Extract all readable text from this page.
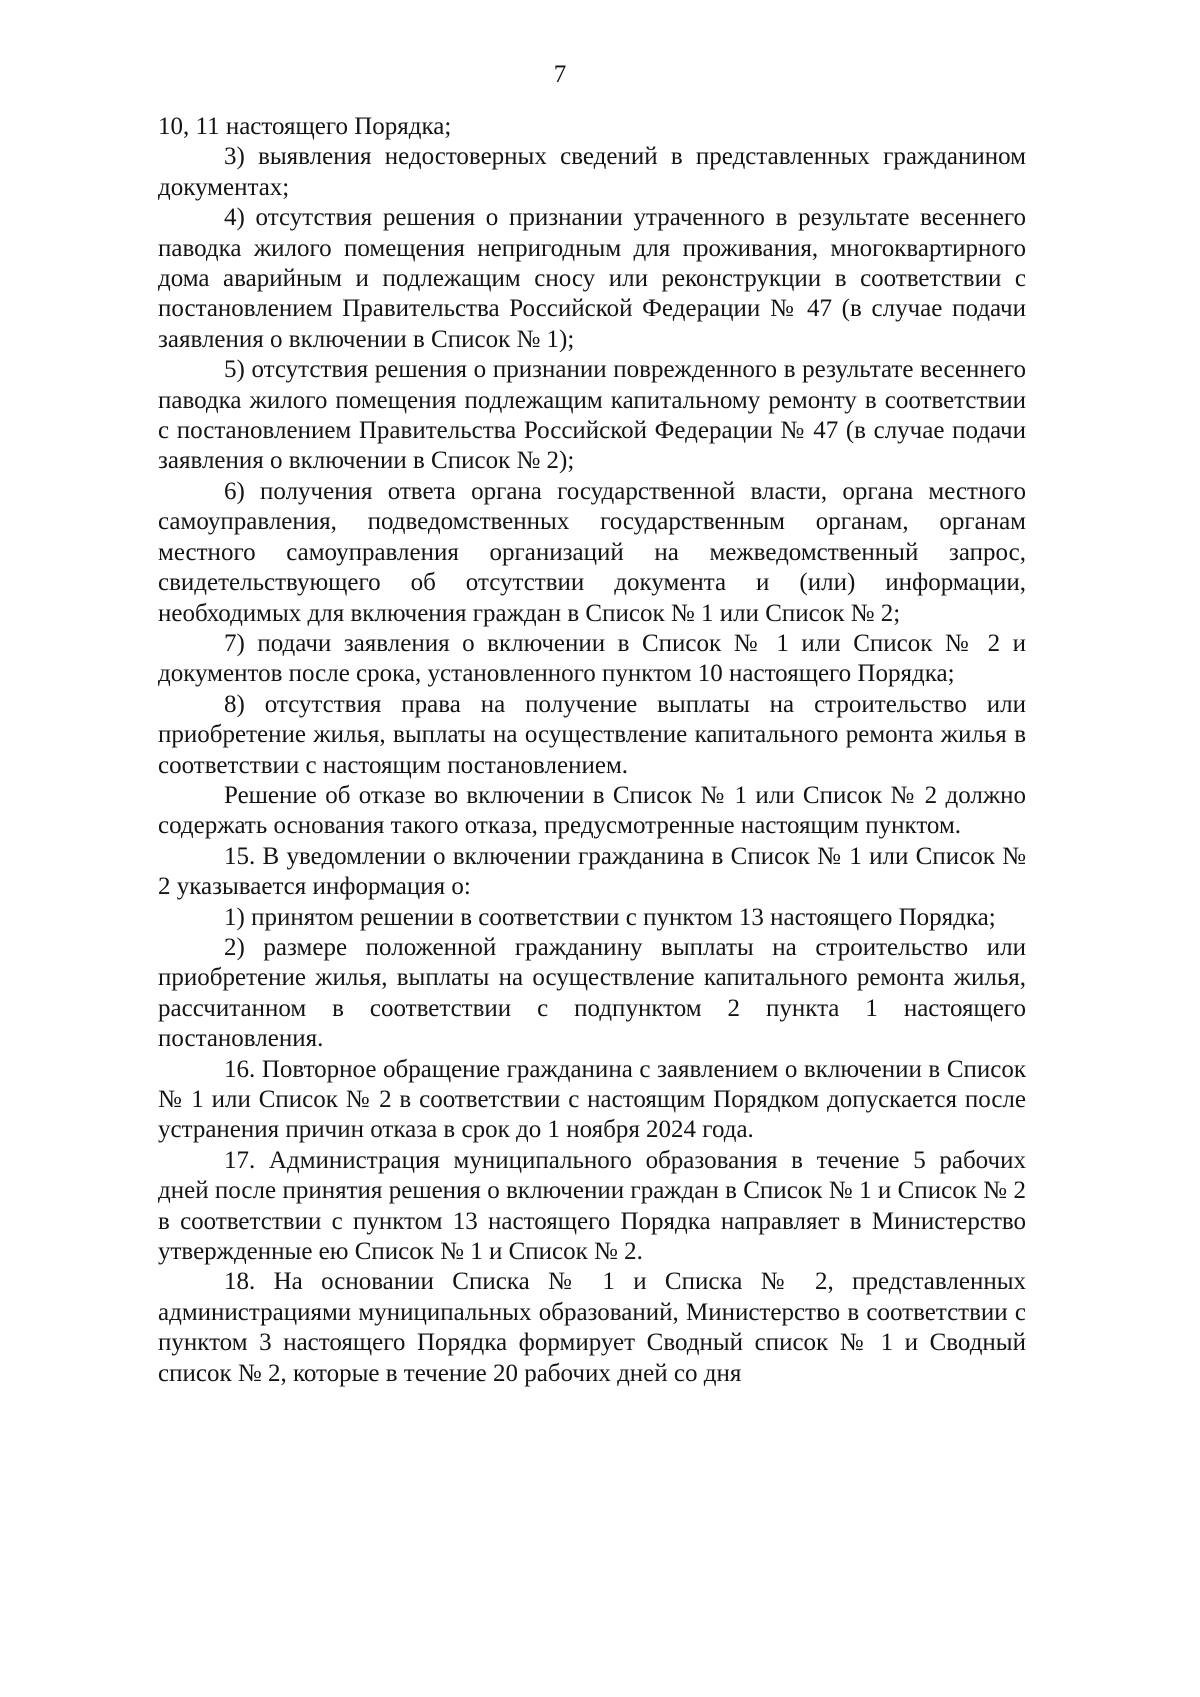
7

10, 11 настоящего Порядка;

3) выявления недостоверных сведений в представленных гражданином документах;

4) отсутствия решения о признании утраченного в результате весеннего паводка жилого помещения непригодным для проживания, многоквартирного дома аварийным и подлежащим сносу или реконструкции в соответствии с постановлением Правительства Российской Федерации № 47 (в случае подачи заявления о включении в Список № 1);

5) отсутствия решения о признании поврежденного в результате весеннего паводка жилого помещения подлежащим капитальному ремонту в соответствии с постановлением Правительства Российской Федерации № 47 (в случае подачи заявления о включении в Список № 2);

6) получения ответа органа государственной власти, органа местного самоуправления, подведомственных государственным органам, органам местного самоуправления организаций на межведомственный запрос, свидетельствующего об отсутствии документа и (или) информации, необходимых для включения граждан в Список № 1 или Список № 2;

7) подачи заявления о включении в Список № 1 или Список № 2 и документов после срока, установленного пунктом 10 настоящего Порядка;

8) отсутствия права на получение выплаты на строительство или приобретение жилья, выплаты на осуществление капитального ремонта жилья в соответствии с настоящим постановлением.

Решение об отказе во включении в Список № 1 или Список № 2 должно содержать основания такого отказа, предусмотренные настоящим пунктом.

15. В уведомлении о включении гражданина в Список № 1 или Список № 2 указывается информация о:

1) принятом решении в соответствии с пунктом 13 настоящего Порядка;

2) размере положенной гражданину выплаты на строительство или приобретение жилья, выплаты на осуществление капитального ремонта жилья, рассчитанном в соответствии с подпунктом 2 пункта 1 настоящего постановления.

16. Повторное обращение гражданина с заявлением о включении в Список № 1 или Список № 2 в соответствии с настоящим Порядком допускается после устранения причин отказа в срок до 1 ноября 2024 года.

17. Администрация муниципального образования в течение 5 рабочих дней после принятия решения о включении граждан в Список № 1 и Список № 2 в соответствии с пунктом 13 настоящего Порядка направляет в Министерство утвержденные ею Список № 1 и Список № 2.

18. На основании Списка № 1 и Списка № 2, представленных администрациями муниципальных образований, Министерство в соответствии с пунктом 3 настоящего Порядка формирует Сводный список № 1 и Сводный список № 2, которые в течение 20 рабочих дней со дня
